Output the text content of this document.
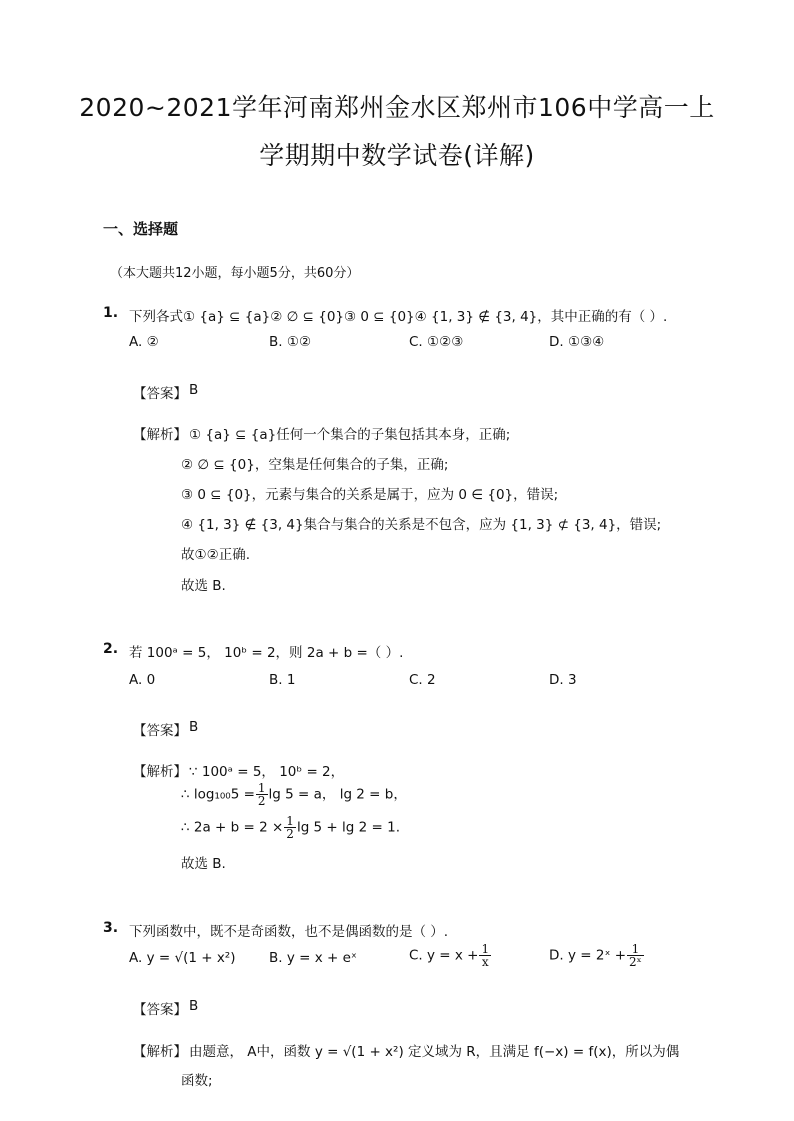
2020~2021学年河南郑州金水区郑州市106中学高一上
学期期中数学试卷(详解)
一、选择题
（本大题共12小题，每小题5分，共60分）
1. 下列各式① {a} ⊆ {a}② ∅ ⊆ {0}③ 0 ⊆ {0}④ {1, 3} ∉ {3, 4}，其中正确的有（ ）.
A. ②	B. ①②	C. ①②③	D. ①③④
【答案】 B
【解析】 ① {a} ⊆ {a}任何一个集合的子集包括其本身，正确;
② ∅ ⊆ {0}，空集是任何集合的子集，正确;
③ 0 ⊆ {0}，元素与集合的关系是属于，应为 0 ∈ {0}，错误;
④ {1, 3} ∉ {3, 4}集合与集合的关系是不包含，应为 {1, 3} ⊄ {3, 4}，错误;
故①②正确.
故选 B.
2. 若 100ᵃ = 5， 10ᵇ = 2，则 2a + b =（ ）.
A. 0	B. 1	C. 2	D. 3
【答案】 B
【解析】 ∵ 100ᵃ = 5， 10ᵇ = 2，
∴ $\log_{100}5 = \frac{1}{2}$ lg 5 = a， lg 2 = b，
∴ $2a + b = 2 \times \frac{1}{2}$ lg 5 + lg 2 = 1.
故选 B.
3. 下列函数中，既不是奇函数，也不是偶函数的是（ ）.
A. y = √(1 + x²) B. y = x + eˣ	C. $y = x + \frac{1}{x}$	D. y = 2ˣ + $\frac{1}{\text{2ˣ}}$
【答案】 B
【解析】 由题意， A中，函数 y = √(1 + x²) 定义域为 R，且满足 f(−x) = f(x)，所以为偶
函数;
